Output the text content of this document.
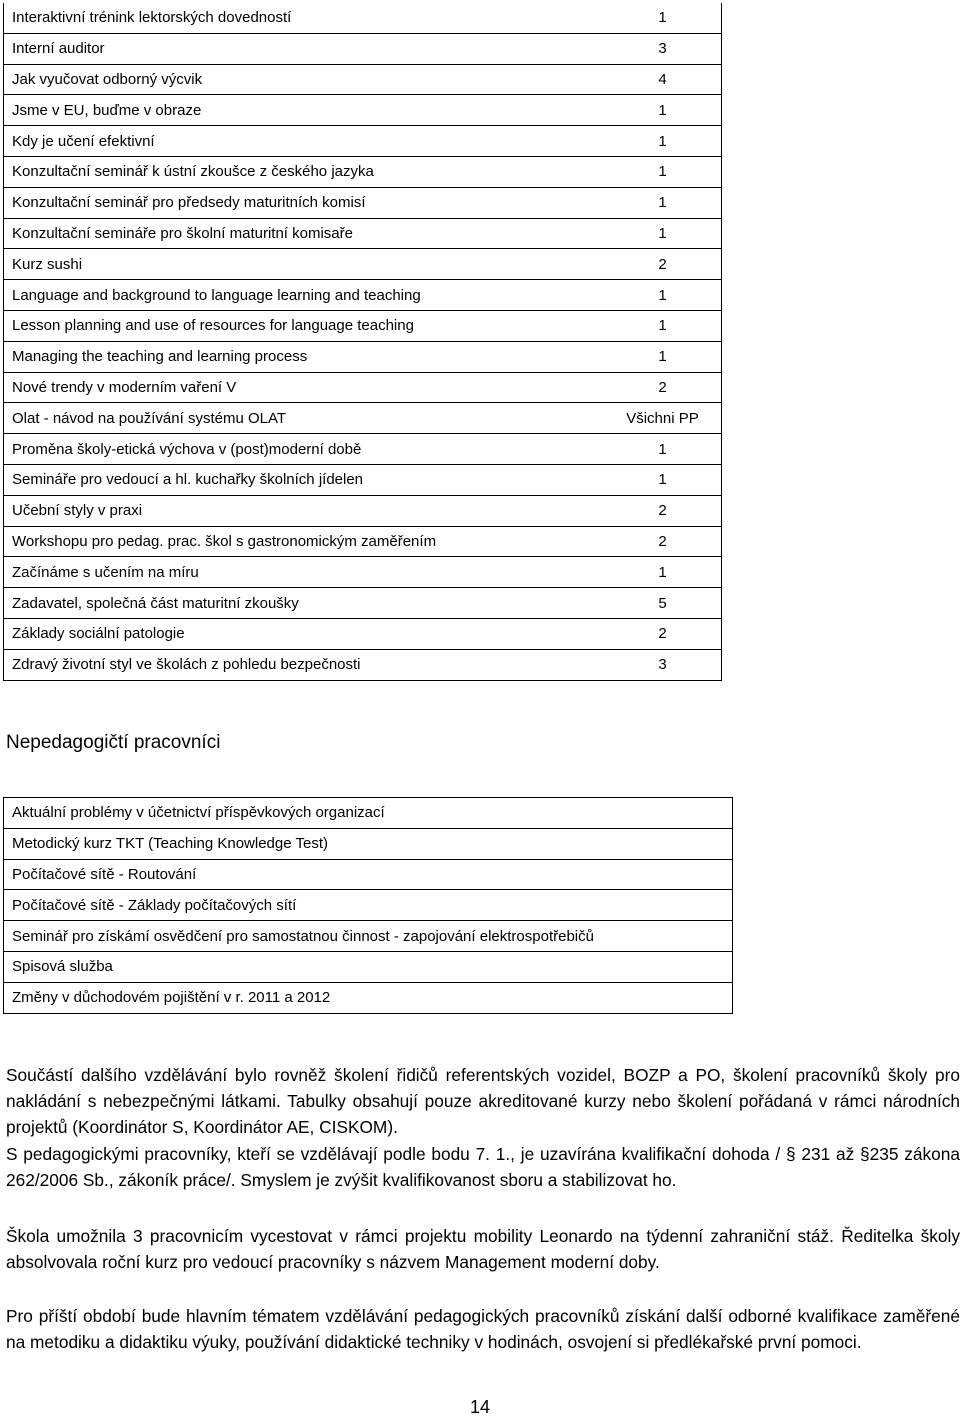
Interaktivní trénink lektorských dovedností	1
Interní auditor	3
Jak vyučovat odborný výcvik	4
Jsme v EU, buďme v obraze	1
Kdy je učení efektivní	1
Konzultační seminář k ústní zkoušce z českého jazyka	1
Konzultační seminář pro předsedy maturitních komisí	1
Konzultační semináře pro školní maturitní komisaře	1
Kurz sushi	2
Language and background to language learning and teaching	1
Lesson planning and use of resources for language teaching	1
Managing the teaching and learning process	1
Nové trendy v moderním vaření V	2
Olat - návod na používání systému OLAT	Všichni PP
Proměna školy-etická výchova v (post)moderní době	1
Semináře pro vedoucí a hl. kuchařky školních jídelen	1
Učební styly v praxi	2
Workshopu pro pedag. prac. škol s gastronomickým zaměřením	2
Začínáme s učením na míru	1
Zadavatel, společná část maturitní zkoušky	5
Základy sociální patologie	2
Zdravý životní styl ve školách z pohledu bezpečnosti	3
Nepedagogičtí pracovníci
Aktuální problémy v účetnictví příspěvkových organizací
Metodický kurz TKT (Teaching Knowledge Test)
Počítačové sítě - Routování
Počítačové sítě - Základy počítačových sítí
Seminář pro získámí osvědčení pro samostatnou činnost - zapojování elektrospotřebičů
Spisová služba
Změny v důchodovém pojištění v r. 2011 a 2012

Součástí dalšího vzdělávání bylo rovněž školení řidičů referentských vozidel, BOZP a PO, školení pracovníků školy pro nakládání s nebezpečnými látkami. Tabulky obsahují pouze akreditované kurzy nebo školení pořádaná v rámci národních projektů (Koordinátor S, Koordinátor AE, CISKOM).

S pedagogickými pracovníky, kteří se vzdělávají podle bodu 7. 1., je uzavírána kvalifikační dohoda / § 231 až §235 zákona 262/2006 Sb., zákoník práce/. Smyslem je zvýšit kvalifikovanost sboru a stabilizovat ho.

Škola umožnila 3 pracovnicím vycestovat v rámci projektu mobility Leonardo na týdenní zahraniční stáž. Ředitelka školy absolvovala roční kurz pro vedoucí pracovníky s názvem Management moderní doby.

Pro příští období bude hlavním tématem vzdělávání pedagogických pracovníků získání další odborné kvalifikace zaměřené na metodiku a didaktiku výuky, používání didaktické techniky v hodinách, osvojení si předlékařské první pomoci.

14
